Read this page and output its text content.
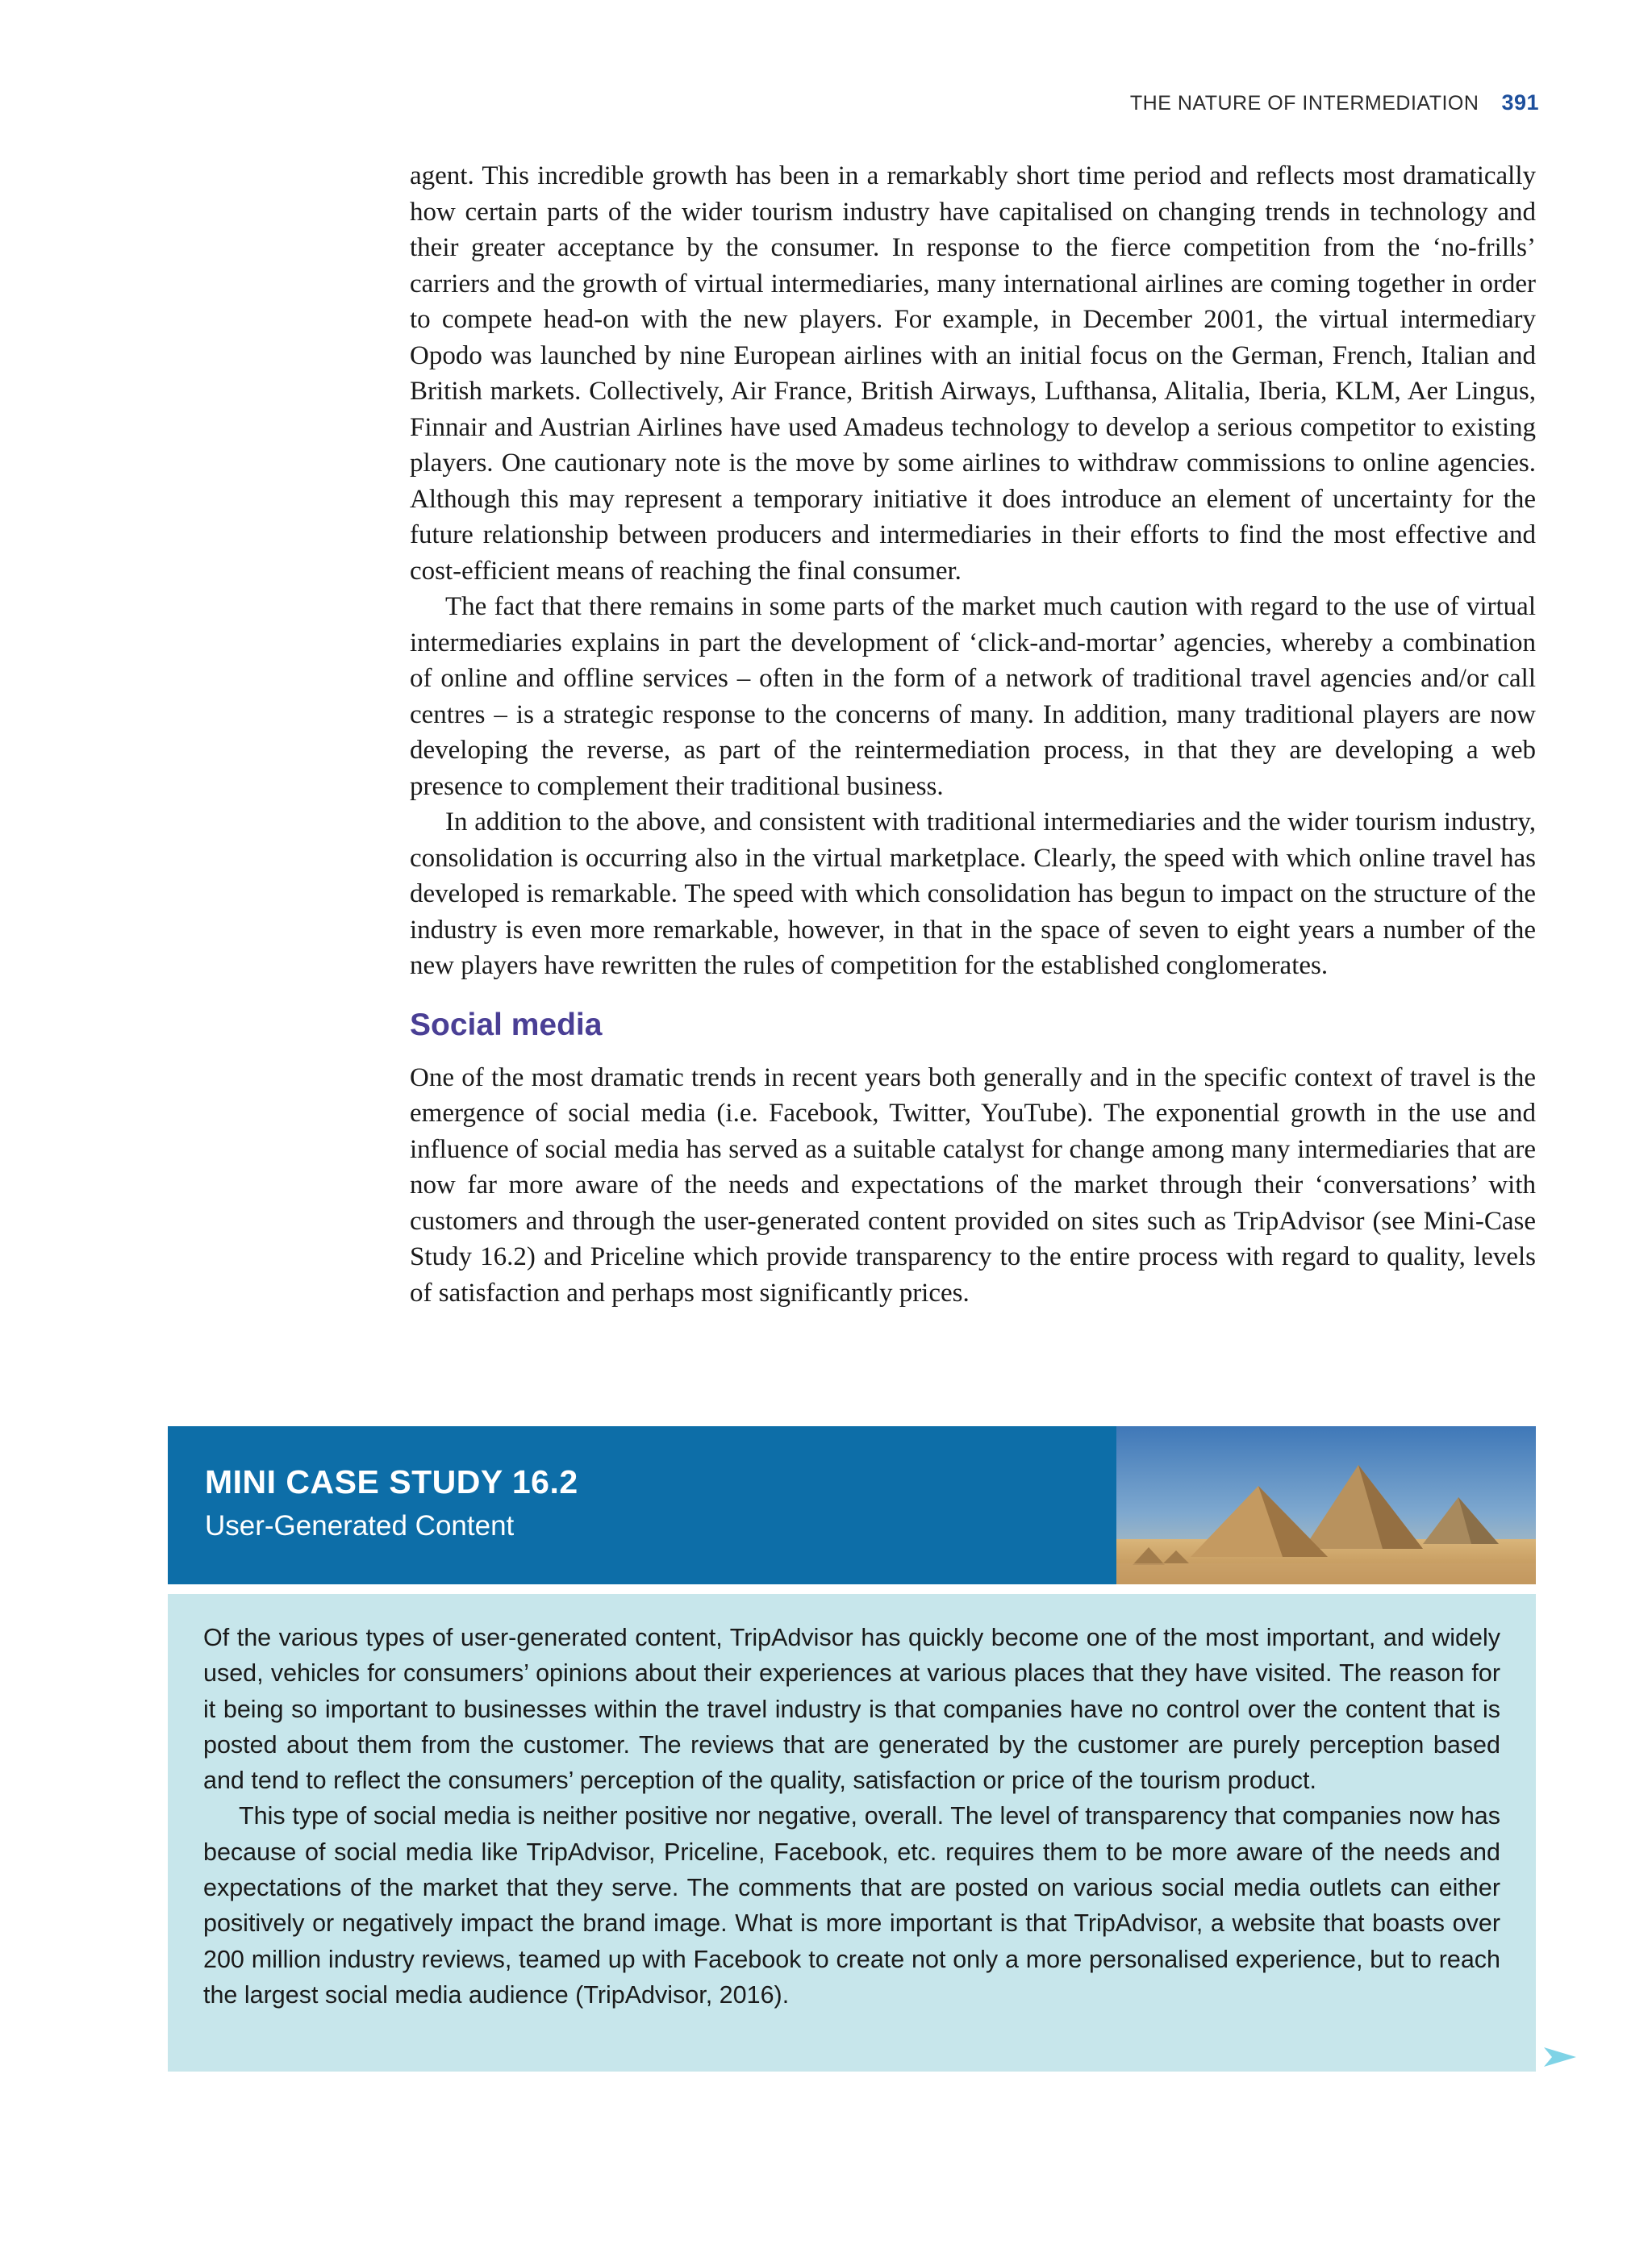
THE NATURE OF INTERMEDIATION 391

agent. This incredible growth has been in a remarkably short time period and reflects most dramatically how certain parts of the wider tourism industry have capitalised on changing trends in technology and their greater acceptance by the consumer. In response to the fierce competition from the ‘no-frills’ carriers and the growth of virtual intermediaries, many international airlines are coming together in order to compete head-on with the new players. For example, in December 2001, the virtual intermediary Opodo was launched by nine European airlines with an initial focus on the German, French, Italian and British markets. Collectively, Air France, British Airways, Lufthansa, Alitalia, Iberia, KLM, Aer Lingus, Finnair and Austrian Airlines have used Amadeus technology to develop a serious competitor to existing players. One cautionary note is the move by some airlines to withdraw commissions to online agencies. Although this may represent a temporary initiative it does introduce an element of uncertainty for the future relationship between producers and intermediaries in their efforts to find the most effective and cost-efficient means of reaching the final consumer.

The fact that there remains in some parts of the market much caution with regard to the use of virtual intermediaries explains in part the development of ‘click-and-mortar’ agencies, whereby a combination of online and offline services – often in the form of a network of traditional travel agencies and/or call centres – is a strategic response to the concerns of many. In addition, many traditional players are now developing the reverse, as part of the reintermediation process, in that they are developing a web presence to complement their traditional business.

In addition to the above, and consistent with traditional intermediaries and the wider tourism industry, consolidation is occurring also in the virtual marketplace. Clearly, the speed with which online travel has developed is remarkable. The speed with which consolidation has begun to impact on the structure of the industry is even more remarkable, however, in that in the space of seven to eight years a number of the new players have rewritten the rules of competition for the established conglomerates.

Social media

One of the most dramatic trends in recent years both generally and in the specific context of travel is the emergence of social media (i.e. Facebook, Twitter, YouTube). The exponential growth in the use and influence of social media has served as a suitable catalyst for change among many intermediaries that are now far more aware of the needs and expectations of the market through their ‘conversations’ with customers and through the user-generated content provided on sites such as TripAdvisor (see Mini-Case Study 16.2) and Priceline which provide transparency to the entire process with regard to quality, levels of satisfaction and perhaps most significantly prices.

MINI CASE STUDY 16.2
User-Generated Content

Of the various types of user-generated content, TripAdvisor has quickly become one of the most important, and widely used, vehicles for consumers’ opinions about their experiences at various places that they have visited. The reason for it being so important to businesses within the travel industry is that companies have no control over the content that is posted about them from the customer. The reviews that are generated by the customer are purely perception based and tend to reflect the consumers’ perception of the quality, satisfaction or price of the tourism product.

This type of social media is neither positive nor negative, overall. The level of transparency that companies now has because of social media like TripAdvisor, Priceline, Facebook, etc. requires them to be more aware of the needs and expectations of the market that they serve. The comments that are posted on various social media outlets can either positively or negatively impact the brand image. What is more important is that TripAdvisor, a website that boasts over 200 million industry reviews, teamed up with Facebook to create not only a more personalised experience, but to reach the largest social media audience (TripAdvisor, 2016).
